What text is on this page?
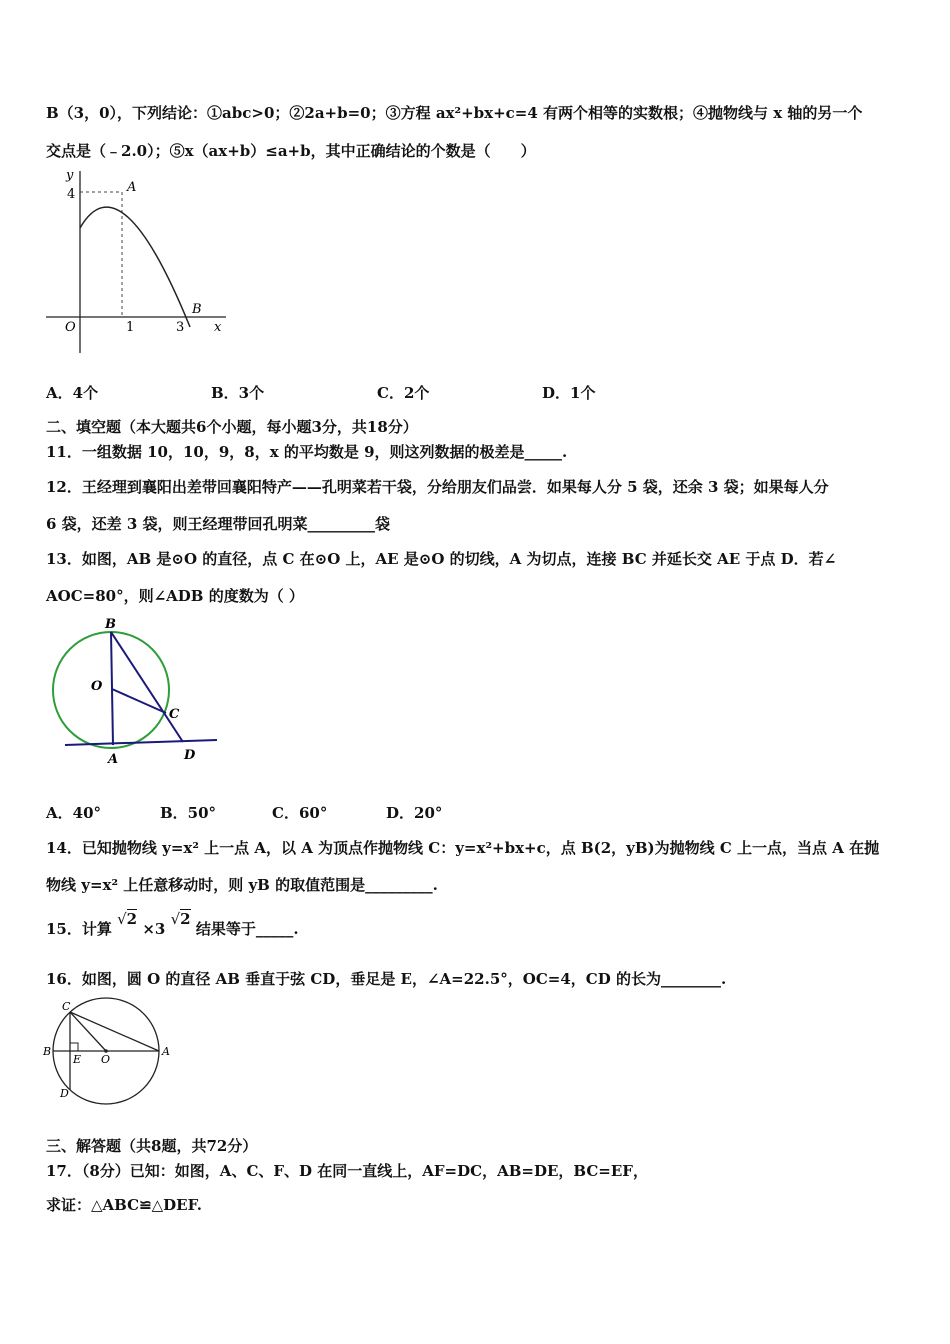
B（3，0），下列结论：①abc>0；②2a+b=0；③方程 ax²+bx+c=4 有两个相等的实数根；④抛物线与 x 轴的另一个
交点是（﹣2.0）；⑤x（ax+b）≤a+b，其中正确结论的个数是（　　）
y
x
O
4
1	3
A
B
A．4个	B．3个	C．2个	D．1个
二、填空题（本大题共6个小题，每小题3分，共18分）
11．一组数据 10，10，9，8，x 的平均数是 9，则这列数据的极差是_____.
12．王经理到襄阳出差带回襄阳特产——孔明菜若干袋，分给朋友们品尝．如果每人分 5 袋，还余 3 袋；如果每人分
6 袋，还差 3 袋，则王经理带回孔明菜_________袋
13．如图，AB 是⊙O 的直径，点 C 在⊙O 上，AE 是⊙O 的切线，A 为切点，连接 BC 并延长交 AE 于点 D．若∠
AOC=80°，则∠ADB 的度数为（ ）
B
O
C
A	D
A．40°	B．50°	C．60°	D．20°
14．已知抛物线 y=x² 上一点 A，以 A 为顶点作抛物线 C：y=x²+bx+c，点 B(2，yB)为抛物线 C 上一点，当点 A 在抛
物线 y=x² 上任意移动时，则 yB 的取值范围是_________.
15．计算 √2 ×3 √2 结果等于_____.
16．如图，圆 O 的直径 AB 垂直于弦 CD，垂足是 E，∠A=22.5°，OC=4，CD 的长为________.
C
B
E O
A
D
三、解答题（共8题，共72分）
17．（8分）已知：如图，A、C、F、D 在同一直线上，AF=DC，AB=DE，BC=EF，
求证：△ABC≌△DEF.
